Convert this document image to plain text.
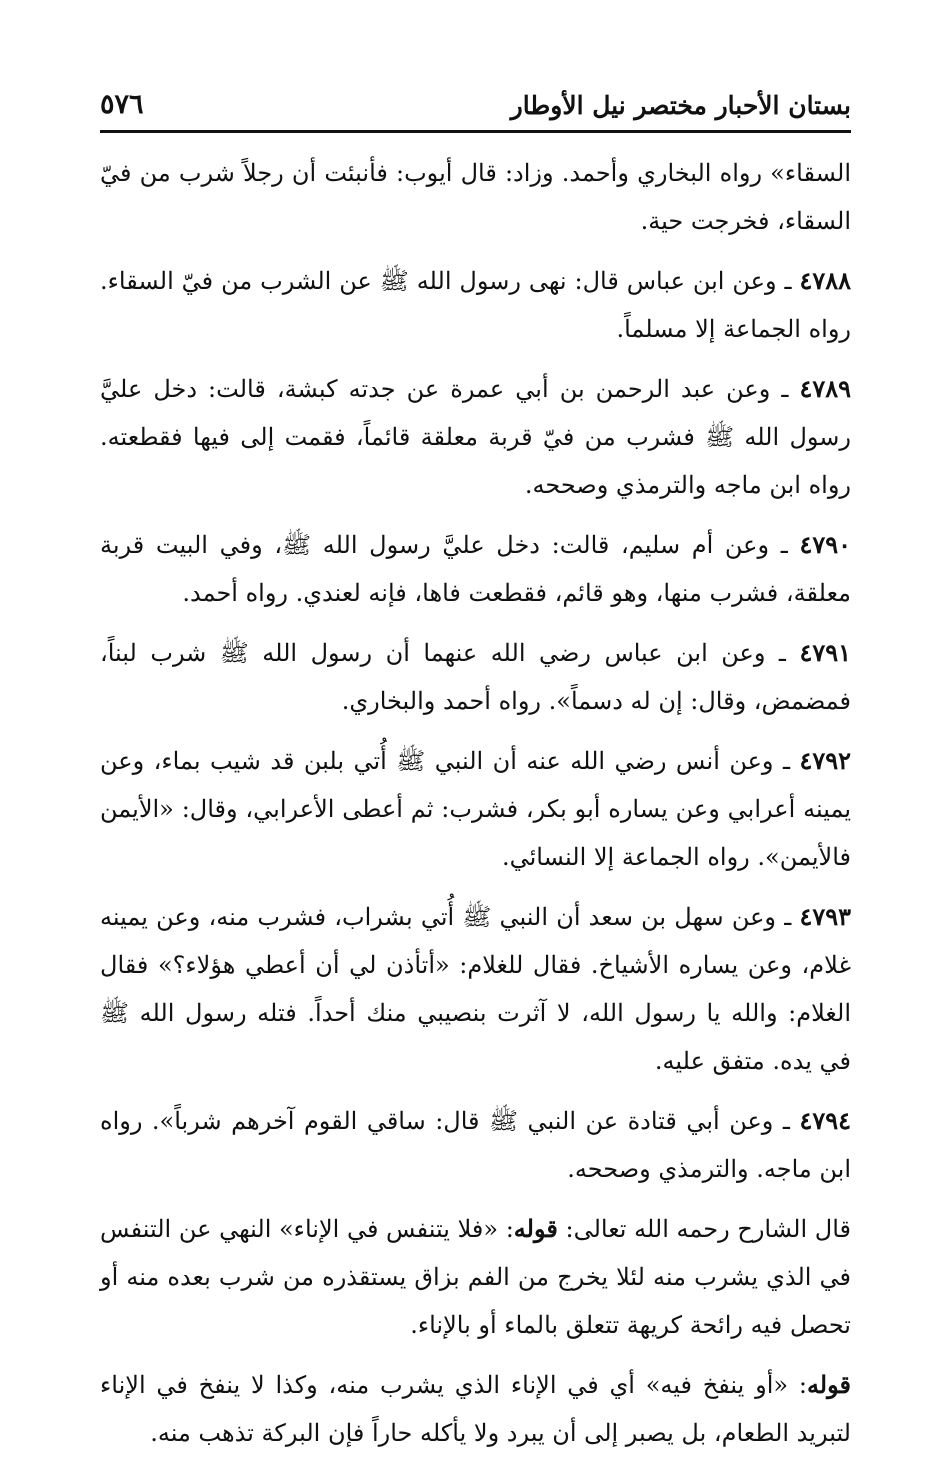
بستان الأحبار مختصر نيل الأوطار
٥٧٦

السقاء» رواه البخاري وأحمد. وزاد: قال أيوب: فأنبئت أن رجلاً شرب من فيّ السقاء، فخرجت حية.

٤٧٨٨ ـ وعن ابن عباس قال: نهى رسول الله ﷺ عن الشرب من فيّ السقاء. رواه الجماعة إلا مسلماً.

٤٧٨٩ ـ وعن عبد الرحمن بن أبي عمرة عن جدته كبشة، قالت: دخل عليَّ رسول الله ﷺ فشرب من فيّ قربة معلقة قائماً، فقمت إلى فيها فقطعته. رواه ابن ماجه والترمذي وصححه.

٤٧٩٠ ـ وعن أم سليم، قالت: دخل عليَّ رسول الله ﷺ، وفي البيت قربة معلقة، فشرب منها، وهو قائم، فقطعت فاها، فإنه لعندي. رواه أحمد.

٤٧٩١ ـ وعن ابن عباس رضي الله عنهما أن رسول الله ﷺ شرب لبناً، فمضمض، وقال: إن له دسماً». رواه أحمد والبخاري.

٤٧٩٢ ـ وعن أنس رضي الله عنه أن النبي ﷺ أُتي بلبن قد شيب بماء، وعن يمينه أعرابي وعن يساره أبو بكر، فشرب: ثم أعطى الأعرابي، وقال: «الأيمن فالأيمن». رواه الجماعة إلا النسائي.

٤٧٩٣ ـ وعن سهل بن سعد أن النبي ﷺ أُتي بشراب، فشرب منه، وعن يمينه غلام، وعن يساره الأشياخ. فقال للغلام: «أتأذن لي أن أعطي هؤلاء؟» فقال الغلام: والله يا رسول الله، لا آثرت بنصيبي منك أحداً. فتله رسول الله ﷺ في يده. متفق عليه.

٤٧٩٤ ـ وعن أبي قتادة عن النبي ﷺ قال: ساقي القوم آخرهم شرباً». رواه ابن ماجه. والترمذي وصححه.

قال الشارح رحمه الله تعالى: قوله: «فلا يتنفس في الإناء» النهي عن التنفس في الذي يشرب منه لئلا يخرج من الفم بزاق يستقذره من شرب بعده منه أو تحصل فيه رائحة كريهة تتعلق بالماء أو بالإناء.

قوله: «أو ينفخ فيه» أي في الإناء الذي يشرب منه، وكذا لا ينفخ في الإناء لتبريد الطعام، بل يصبر إلى أن يبرد ولا يأكله حاراً فإن البركة تذهب منه.
